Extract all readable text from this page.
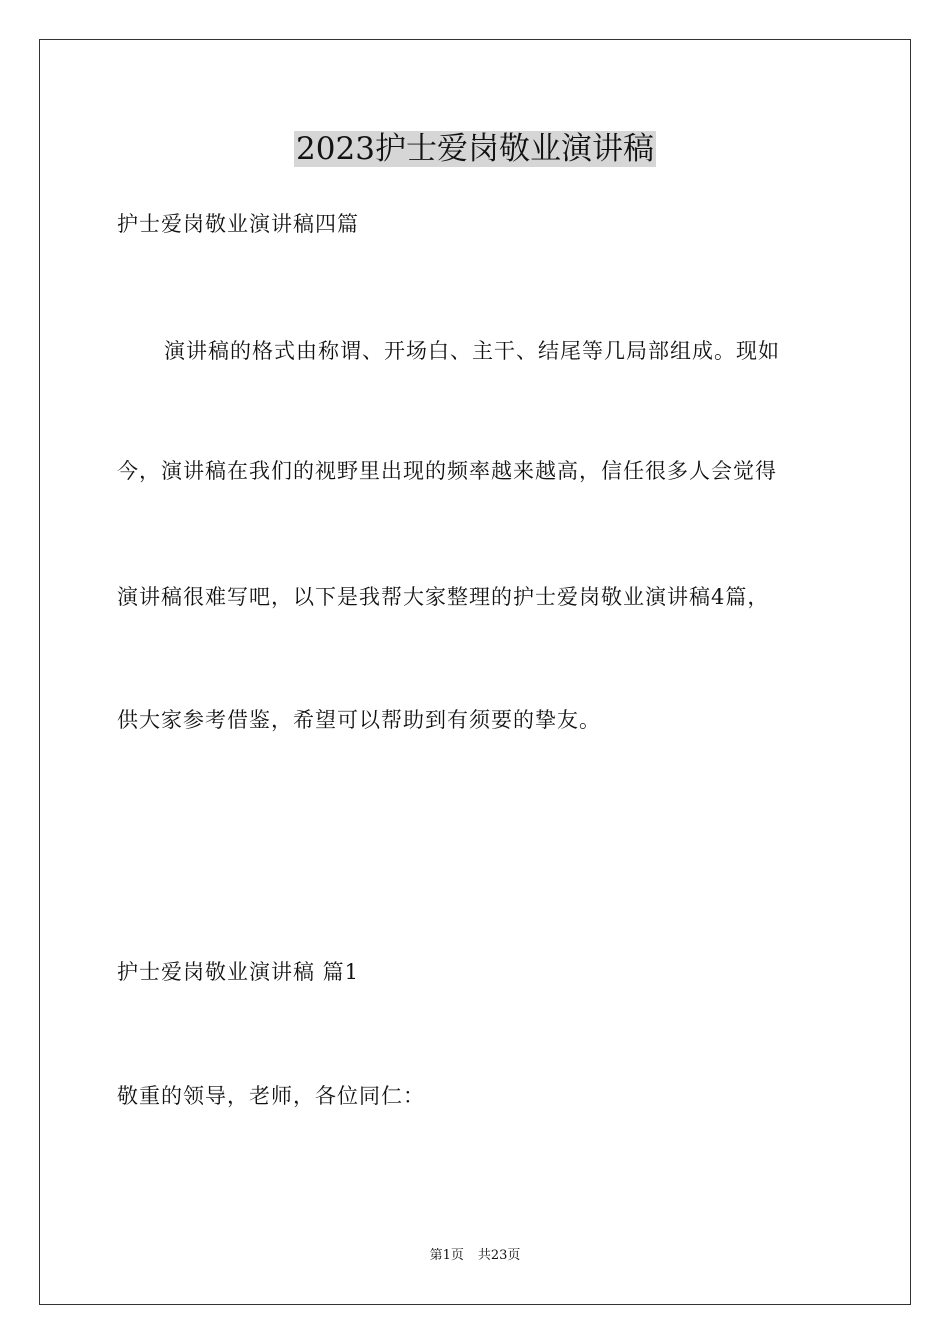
2023护士爱岗敬业演讲稿
护士爱岗敬业演讲稿四篇
演讲稿的格式由称谓、开场白、主干、结尾等几局部组成。现如
今，演讲稿在我们的视野里出现的频率越来越高，信任很多人会觉得
演讲稿很难写吧，以下是我帮大家整理的护士爱岗敬业演讲稿4篇，
供大家参考借鉴，希望可以帮助到有须要的挚友。
护士爱岗敬业演讲稿 篇1
敬重的领导，老师，各位同仁：
第1页 共23页
